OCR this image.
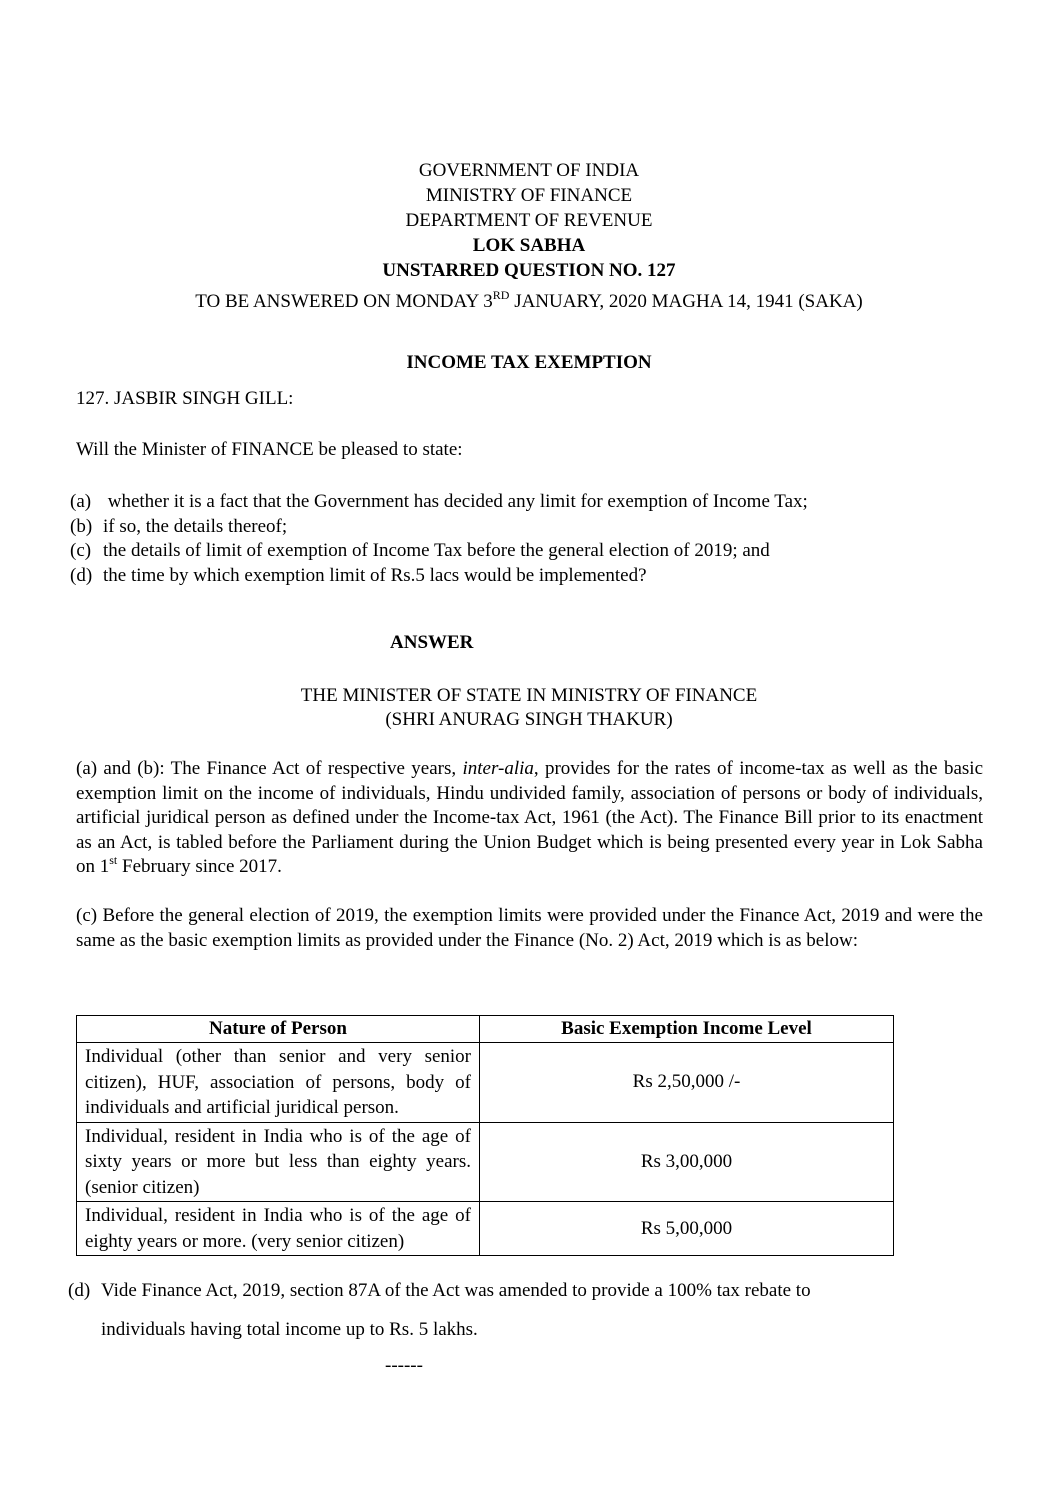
GOVERNMENT OF INDIA
MINISTRY OF FINANCE
DEPARTMENT OF REVENUE
LOK SABHA
UNSTARRED QUESTION NO. 127
TO BE ANSWERED ON MONDAY 3RD JANUARY, 2020 MAGHA 14, 1941 (SAKA)
INCOME TAX EXEMPTION
127. JASBIR SINGH GILL:
Will the Minister of FINANCE be pleased to state:
(a) whether it is a fact that the Government has decided any limit for exemption of Income Tax;
(b) if so, the details thereof;
(c) the details of limit of exemption of Income Tax before the general election of 2019; and
(d) the time by which exemption limit of Rs.5 lacs would be implemented?
ANSWER
THE MINISTER OF STATE IN MINISTRY OF FINANCE
(SHRI ANURAG SINGH THAKUR)
(a) and (b): The Finance Act of respective years, inter-alia, provides for the rates of income-tax as well as the basic exemption limit on the income of individuals, Hindu undivided family, association of persons or body of individuals, artificial juridical person as defined under the Income-tax Act, 1961 (the Act). The Finance Bill prior to its enactment as an Act, is tabled before the Parliament during the Union Budget which is being presented every year in Lok Sabha on 1st February since 2017.
(c) Before the general election of 2019, the exemption limits were provided under the Finance Act, 2019 and were the same as the basic exemption limits as provided under the Finance (No. 2) Act, 2019 which is as below:
Nature of Person	Basic Exemption Income Level
Individual (other than senior and very senior citizen), HUF, association of persons, body of individuals and artificial juridical person.	Rs 2,50,000 /-
Individual, resident in India who is of the age of sixty years or more but less than eighty years. (senior citizen)	Rs 3,00,000
Individual, resident in India who is of the age of eighty years or more. (very senior citizen)	Rs 5,00,000
(d) Vide Finance Act, 2019, section 87A of the Act was amended to provide a 100% tax rebate to
individuals having total income up to Rs. 5 lakhs.
------
